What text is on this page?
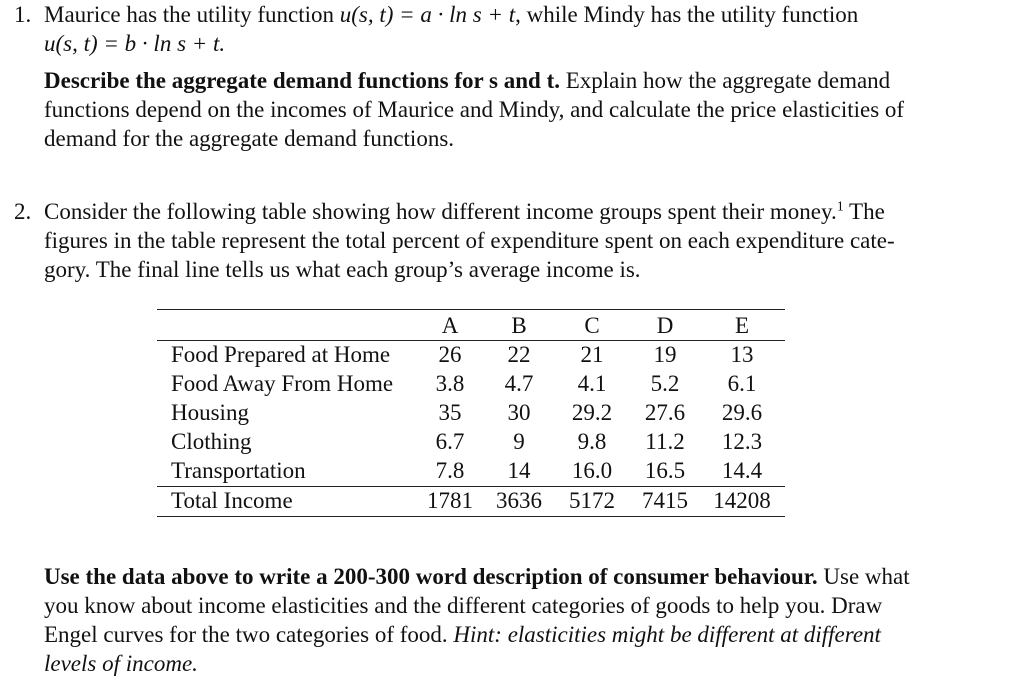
1. Maurice has the utility function u(s, t) = a · ln s + t, while Mindy has the utility function
u(s, t) = b · ln s + t.
Describe the aggregate demand functions for s and t. Explain how the aggregate demand
functions depend on the incomes of Maurice and Mindy, and calculate the price elasticities of
demand for the aggregate demand functions.
2. Consider the following table showing how different income groups spent their money.$^1$ The
figures in the table represent the total percent of expenditure spent on each expenditure cate-
gory. The final line tells us what each group’s average income is.
A B	C D	E
Food Prepared at Home 26 22 21 19 13
Food Away From Home 3.8 4.7 4.1 5.2 6.1
Housing	35 30 29.2 27.6 29.6
Clothing	6.7 9 9.8 11.2 12.3
Transportation	7.8 14 16.0 16.5 14.4
Total Income	1781 3636 5172 7415 14208
Use the data above to write a 200-300 word description of consumer behaviour. Use what
you know about income elasticities and the different categories of goods to help you. Draw
Engel curves for the two categories of food. Hint: elasticities might be different at different
levels of income.
